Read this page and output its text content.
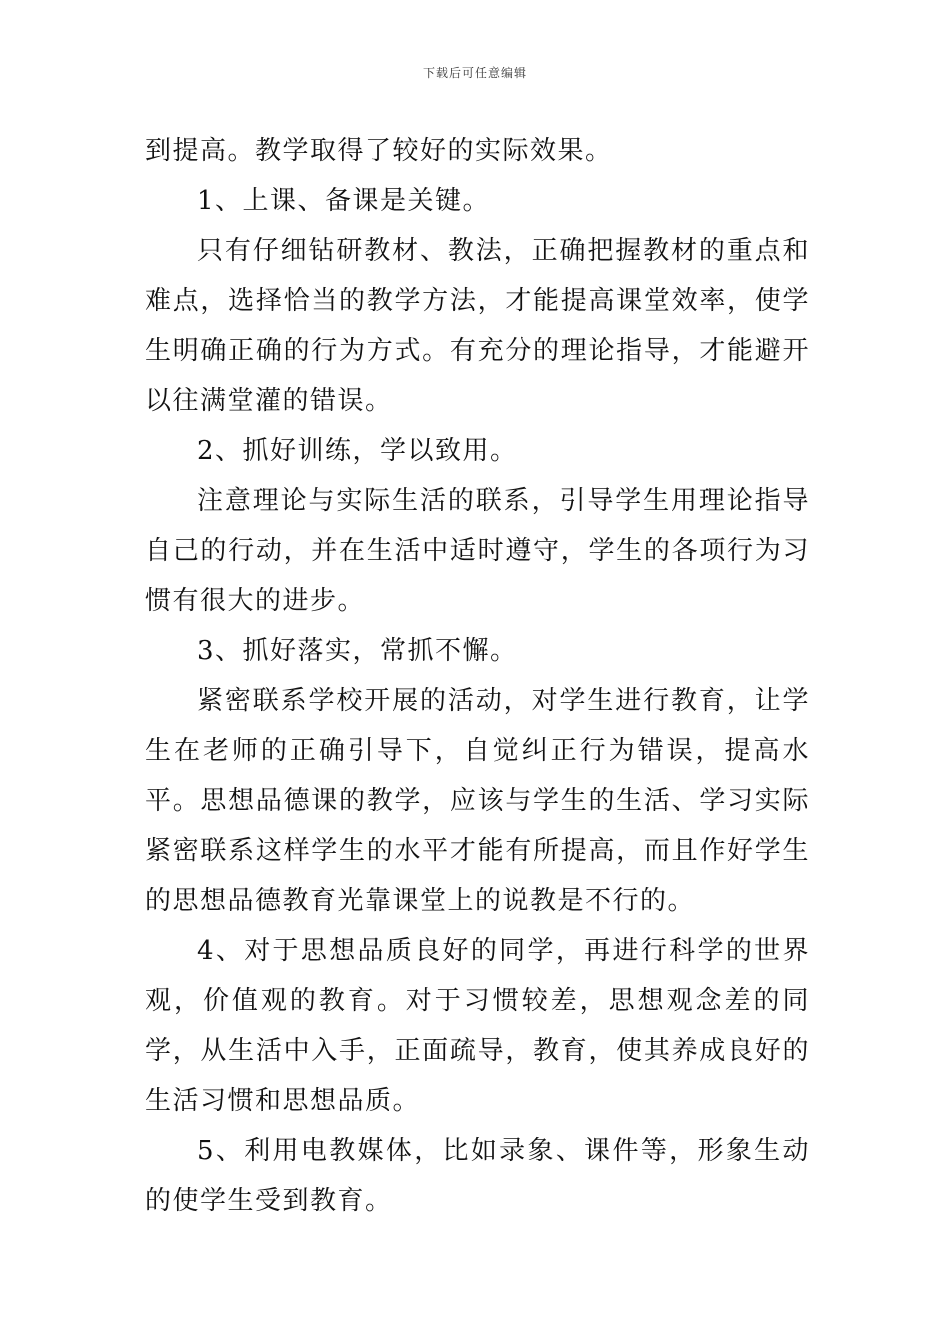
下载后可任意编辑

到提高。教学取得了较好的实际效果。

1、上课、备课是关键。

只有仔细钻研教材、教法，正确把握教材的重点和难点，选择恰当的教学方法，才能提高课堂效率，使学生明确正确的行为方式。有充分的理论指导，才能避开以往满堂灌的错误。

2、抓好训练，学以致用。

注意理论与实际生活的联系，引导学生用理论指导自己的行动，并在生活中适时遵守，学生的各项行为习惯有很大的进步。

3、抓好落实，常抓不懈。

紧密联系学校开展的活动，对学生进行教育，让学生在老师的正确引导下，自觉纠正行为错误，提高水平。思想品德课的教学，应该与学生的生活、学习实际紧密联系这样学生的水平才能有所提高，而且作好学生的思想品德教育光靠课堂上的说教是不行的。

4、对于思想品质良好的同学，再进行科学的世界观，价值观的教育。对于习惯较差，思想观念差的同学，从生活中入手，正面疏导，教育，使其养成良好的生活习惯和思想品质。

5、利用电教媒体，比如录象、课件等，形象生动的使学生受到教育。
